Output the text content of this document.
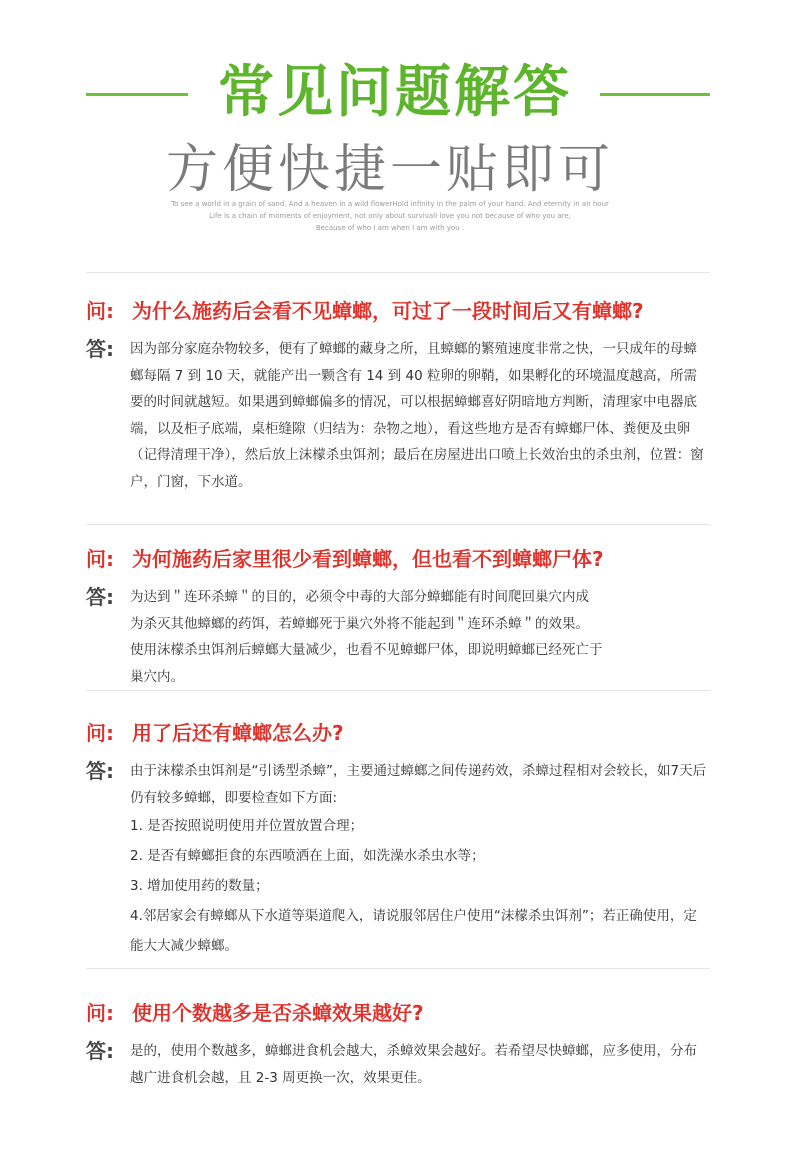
常见问题解答
方便快捷一贴即可
To see a world in a grain of sand. And a heaven in a wild flowerHold infinity in the palm of your hand. And eternity in an hour
Life is a chain of moments of enjoyment, not only about survivalI love you not because of who you are,
Because of who I am when I am with you .
问: 为什么施药后会看不见蟑螂，可过了一段时间后又有蟑螂?
答:	因为部分家庭杂物较多，便有了蟑螂的藏身之所，且蟑螂的繁殖速度非常之快，一只成年的母蟑螂每隔 7 到 10 天，就能产出一颗含有 14 到 40 粒卵的卵鞘，如果孵化的环境温度越高，所需要的时间就越短。如果遇到蟑螂偏多的情况，可以根据蟑螂喜好阴暗地方判断，清理家中电器底端，以及柜子底端，桌柜缝隙（归结为：杂物之地），看这些地方是否有蟑螂尸体、粪便及虫卵（记得清理干净），然后放上沫檬杀虫饵剂；最后在房屋进出口喷上长效治虫的杀虫剂，位置：窗户，门窗，下水道。
问: 为何施药后家里很少看到蟑螂，但也看不到蟑螂尸体?
答:	为达到＂连环杀蟑＂的目的，必须令中毒的大部分蟑螂能有时间爬回巢穴内成

为杀灭其他蟑螂的药饵，若蟑螂死于巢穴外将不能起到＂连环杀蟑＂的效果。

使用沫檬杀虫饵剂后蟑螂大量减少，也看不见蟑螂尸体，即说明蟑螂已经死亡于

巢穴内。

问: 用了后还有蟑螂怎么办?
答:	由于沫檬杀虫饵剂是“引诱型杀蟑”，主要通过蟑螂之间传递药效，杀蟑过程相对会较长，如7天后仍有较多蟑螂，即要检查如下方面:

1. 是否按照说明使用并位置放置合理；
2. 是否有蟑螂拒食的东西喷洒在上面，如洗澡水杀虫水等；
3. 增加使用药的数量；
4.邻居家会有蟑螂从下水道等渠道爬入，请说服邻居住户使用“沫檬杀虫饵剂”；若正确使用，定能大大减少蟑螂。
问: 使用个数越多是否杀蟑效果越好?
答:	是的，使用个数越多，蟑螂进食机会越大，杀蟑效果会越好。若希望尽快蟑螂，应多使用，分布越广进食机会越，且 2-3 周更换一次，效果更佳。
